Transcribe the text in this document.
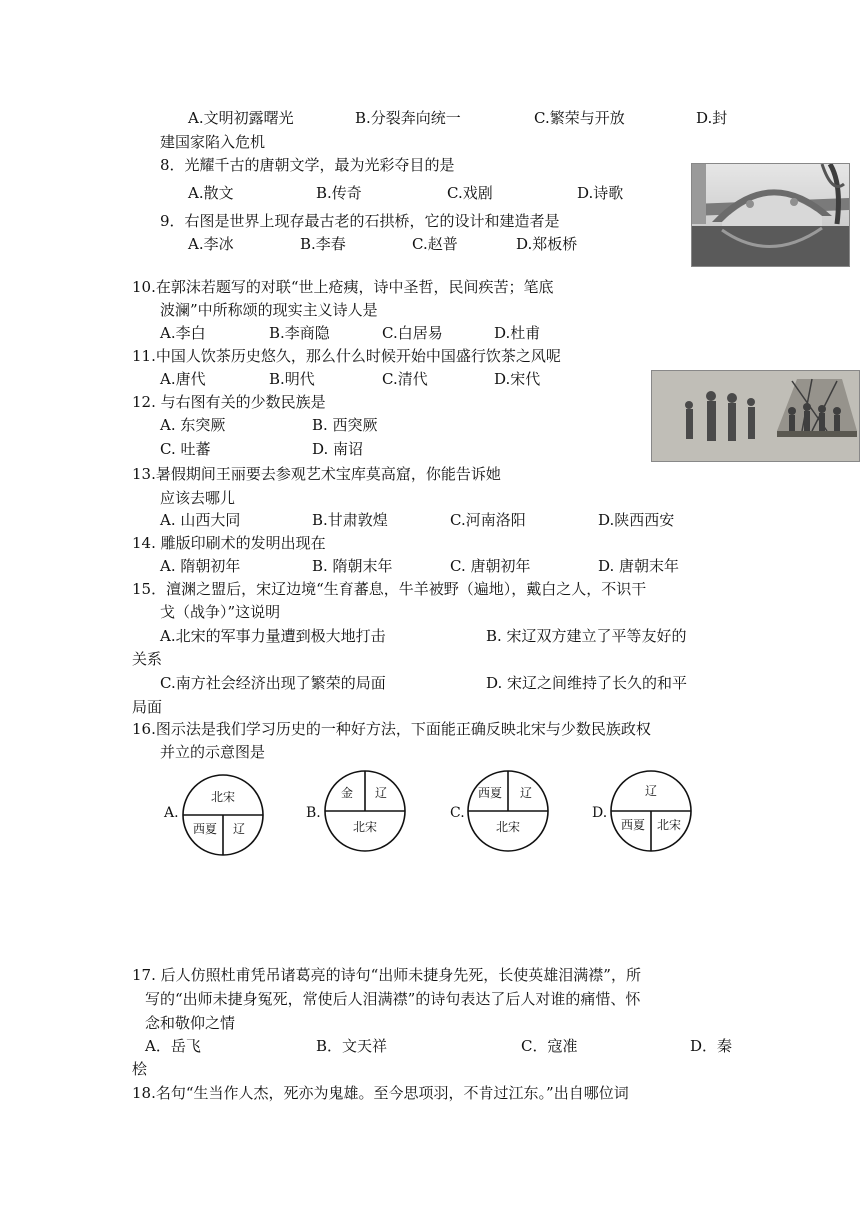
A.文明初露曙光	B.分裂奔向统一	C.繁荣与开放	D.封
建国家陷入危机
8．光耀千古的唐朝文学，最为光彩夺目的是
A.散文	B.传奇	C.戏剧	D.诗歌
9．右图是世界上现存最古老的石拱桥，它的设计和建造者是
A.李冰	B.李春	C.赵普	D.郑板桥
10.在郭沫若题写的对联“世上疮痍，诗中圣哲，民间疾苦；笔底
波澜”中所称颂的现实主义诗人是
A.李白	B.李商隐	C.白居易	D.杜甫
11.中国人饮茶历史悠久，那么什么时候开始中国盛行饮茶之风呢
A.唐代	B.明代	C.清代	D.宋代
12. 与右图有关的少数民族是
A. 东突厥	B. 西突厥
C. 吐蕃	D. 南诏
13.暑假期间王丽要去参观艺术宝库莫高窟，你能告诉她
应该去哪儿
A. 山西大同	B.甘肃敦煌	C.河南洛阳	D.陕西西安
14. 雕版印刷术的发明出现在
A. 隋朝初年	B. 隋朝末年	C. 唐朝初年	D. 唐朝末年
15．澶渊之盟后，宋辽边境“生育蕃息，牛羊被野（遍地），戴白之人，不识干
戈（战争）”这说明
A.北宋的军事力量遭到极大地打击	B. 宋辽双方建立了平等友好的
关系
C.南方社会经济出现了繁荣的局面	D. 宋辽之间维持了长久的和平
局面
16.图示法是我们学习历史的一种好方法，下面能正确反映北宋与少数民族政权
并立的示意图是
A.
北宋
西夏 辽
B.
金 辽
北宋
C.
西夏 辽
北宋
D.
辽
西夏 北宋
17. 后人仿照杜甫凭吊诸葛亮的诗句“出师未捷身先死，长使英雄泪满襟”，所
写的“出师未捷身冤死，常使后人泪满襟”的诗句表达了后人对谁的痛惜、怀
念和敬仰之情
A．岳飞	B．文天祥	C．寇准	D．秦
桧
18.名句“生当作人杰，死亦为鬼雄。至今思项羽，不肯过江东。”出自哪位词
